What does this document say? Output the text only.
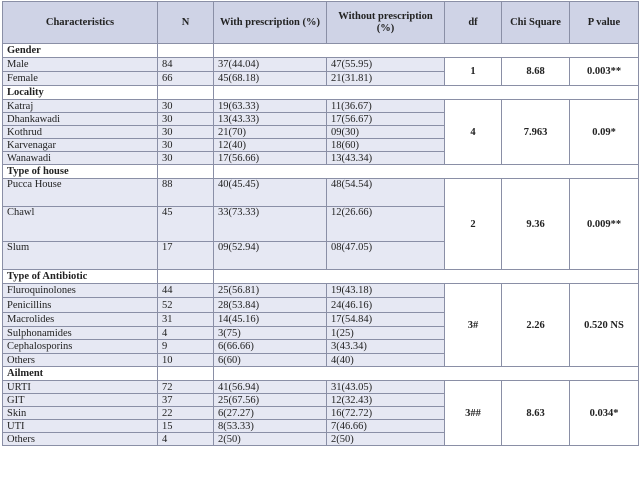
Characteristics	N	With prescription (%)	Without prescription (%)	df	Chi Square	P value
Gender						
Male	84	37(44.04)	47(55.95)	1	8.68	0.003**
Female	66	45(68.18)	21(31.81)			
Locality						
Katraj	30	19(63.33)	11(36.67)	4	7.963	0.09*
Dhankawadi	30	13(43.33)	17(56.67)			
Kothrud	30	21(70)	09(30)			
Karvenagar	30	12(40)	18(60)			
Wanawadi	30	17(56.66)	13(43.34)			
Type of house						
Pucca House	88	40(45.45)	48(54.54)	2	9.36	0.009**
Chawl	45	33(73.33)	12(26.66)			
Slum	17	09(52.94)	08(47.05)			
Type of Antibiotic						
Fluroquinolones	44	25(56.81)	19(43.18)	3#	2.26	0.520 NS
Penicillins	52	28(53.84)	24(46.16)			
Macrolides	31	14(45.16)	17(54.84)			
Sulphonamides	4	3(75)	1(25)			
Cephalosporins	9	6(66.66)	3(43.34)			
Others	10	6(60)	4(40)			
Ailment						
URTI	72	41(56.94)	31(43.05)	3##	8.63	0.034*
GIT	37	25(67.56)	12(32.43)			
Skin	22	6(27.27)	16(72.72)			
UTI	15	8(53.33)	7(46.66)			
Others	4	2(50)	2(50)			
